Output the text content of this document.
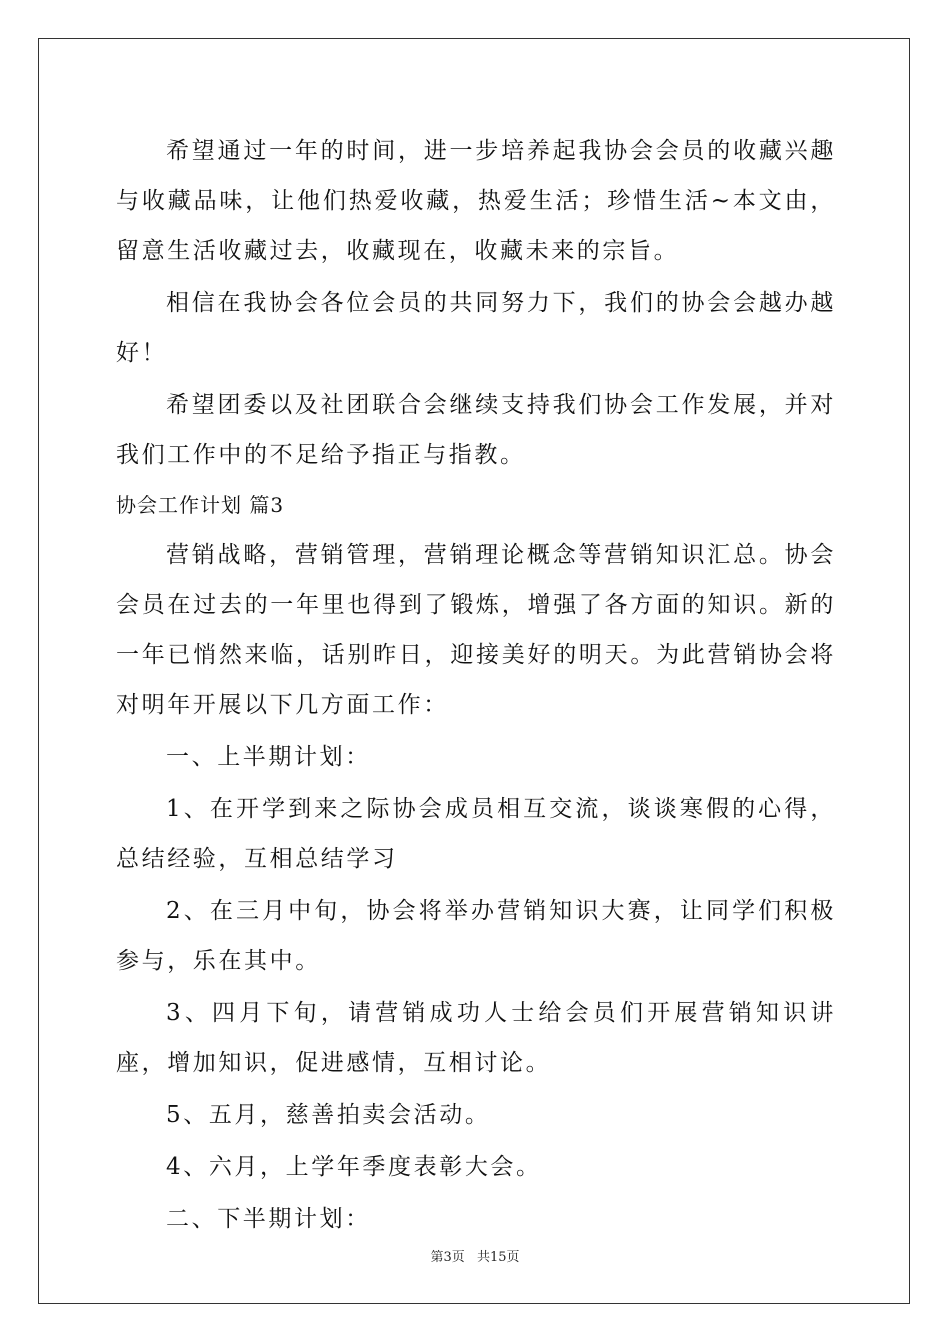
希望通过一年的时间，进一步培养起我协会会员的收藏兴趣与收藏品味，让他们热爱收藏，热爱生活；珍惜生活~本文由，留意生活收藏过去，收藏现在，收藏未来的宗旨。

相信在我协会各位会员的共同努力下，我们的协会会越办越好！

希望团委以及社团联合会继续支持我们协会工作发展，并对我们工作中的不足给予指正与指教。

协会工作计划 篇3

营销战略，营销管理，营销理论概念等营销知识汇总。协会会员在过去的一年里也得到了锻炼，增强了各方面的知识。新的一年已悄然来临，话别昨日，迎接美好的明天。为此营销协会将对明年开展以下几方面工作：

一、上半期计划：

1、在开学到来之际协会成员相互交流，谈谈寒假的心得，总结经验，互相总结学习

2、在三月中旬，协会将举办营销知识大赛，让同学们积极参与，乐在其中。

3、四月下旬，请营销成功人士给会员们开展营销知识讲座，增加知识，促进感情，互相讨论。

5、五月，慈善拍卖会活动。

4、六月，上学年季度表彰大会。

二、下半期计划：

第3页 共15页
